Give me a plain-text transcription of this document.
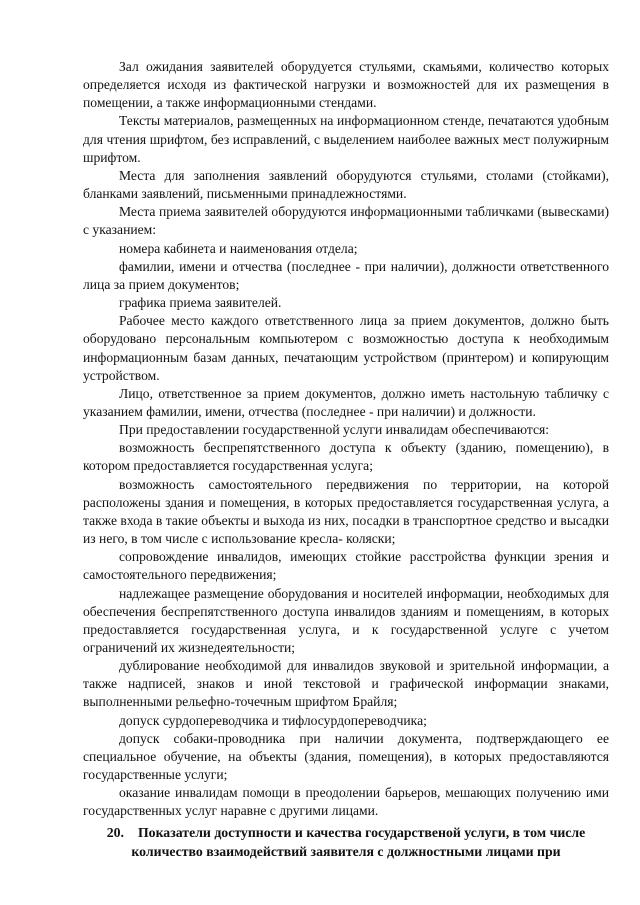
Зал ожидания заявителей оборудуется стульями, скамьями, количество которых определяется исходя из фактической нагрузки и возможностей для их размещения в помещении, а также информационными стендами.

Тексты материалов, размещенных на информационном стенде, печатаются удобным для чтения шрифтом, без исправлений, с выделением наиболее важных мест полужирным шрифтом.

Места для заполнения заявлений оборудуются стульями, столами (стойками), бланками заявлений, письменными принадлежностями.

Места приема заявителей оборудуются информационными табличками (вывесками) с указанием:

номера кабинета и наименования отдела;

фамилии, имени и отчества (последнее - при наличии), должности ответственного лица за прием документов;

графика приема заявителей.

Рабочее место каждого ответственного лица за прием документов, должно быть оборудовано персональным компьютером с возможностью доступа к необходимым информационным базам данных, печатающим устройством (принтером) и копирующим устройством.

Лицо, ответственное за прием документов, должно иметь настольную табличку с указанием фамилии, имени, отчества (последнее - при наличии) и должности.

При предоставлении государственной услуги инвалидам обеспечиваются:

возможность беспрепятственного доступа к объекту (зданию, помещению), в котором предоставляется государственная услуга;

возможность самостоятельного передвижения по территории, на которой расположены здания и помещения, в которых предоставляется государственная услуга, а также входа в такие объекты и выхода из них, посадки в транспортное средство и высадки из него, в том числе с использование кресла- коляски;

сопровождение инвалидов, имеющих стойкие расстройства функции зрения и самостоятельного передвижения;

надлежащее размещение оборудования и носителей информации, необходимых для обеспечения беспрепятственного доступа инвалидов зданиям и помещениям, в которых предоставляется государственная услуга, и к государственной услуге с учетом ограничений их жизнедеятельности;

дублирование необходимой для инвалидов звуковой и зрительной информации, а также надписей, знаков и иной текстовой и графической информации знаками, выполненными рельефно-точечным шрифтом Брайля;

допуск сурдопереводчика и тифлосурдопереводчика;

допуск собаки-проводника при наличии документа, подтверждающего ее специальное обучение, на объекты (здания, помещения), в которых предоставляются государственные услуги;

оказание инвалидам помощи в преодолении барьеров, мешающих получению ими государственных услуг наравне с другими лицами.

20. Показатели доступности и качества государственой услуги, в том числе количество взаимодействий заявителя с должностными лицами при
